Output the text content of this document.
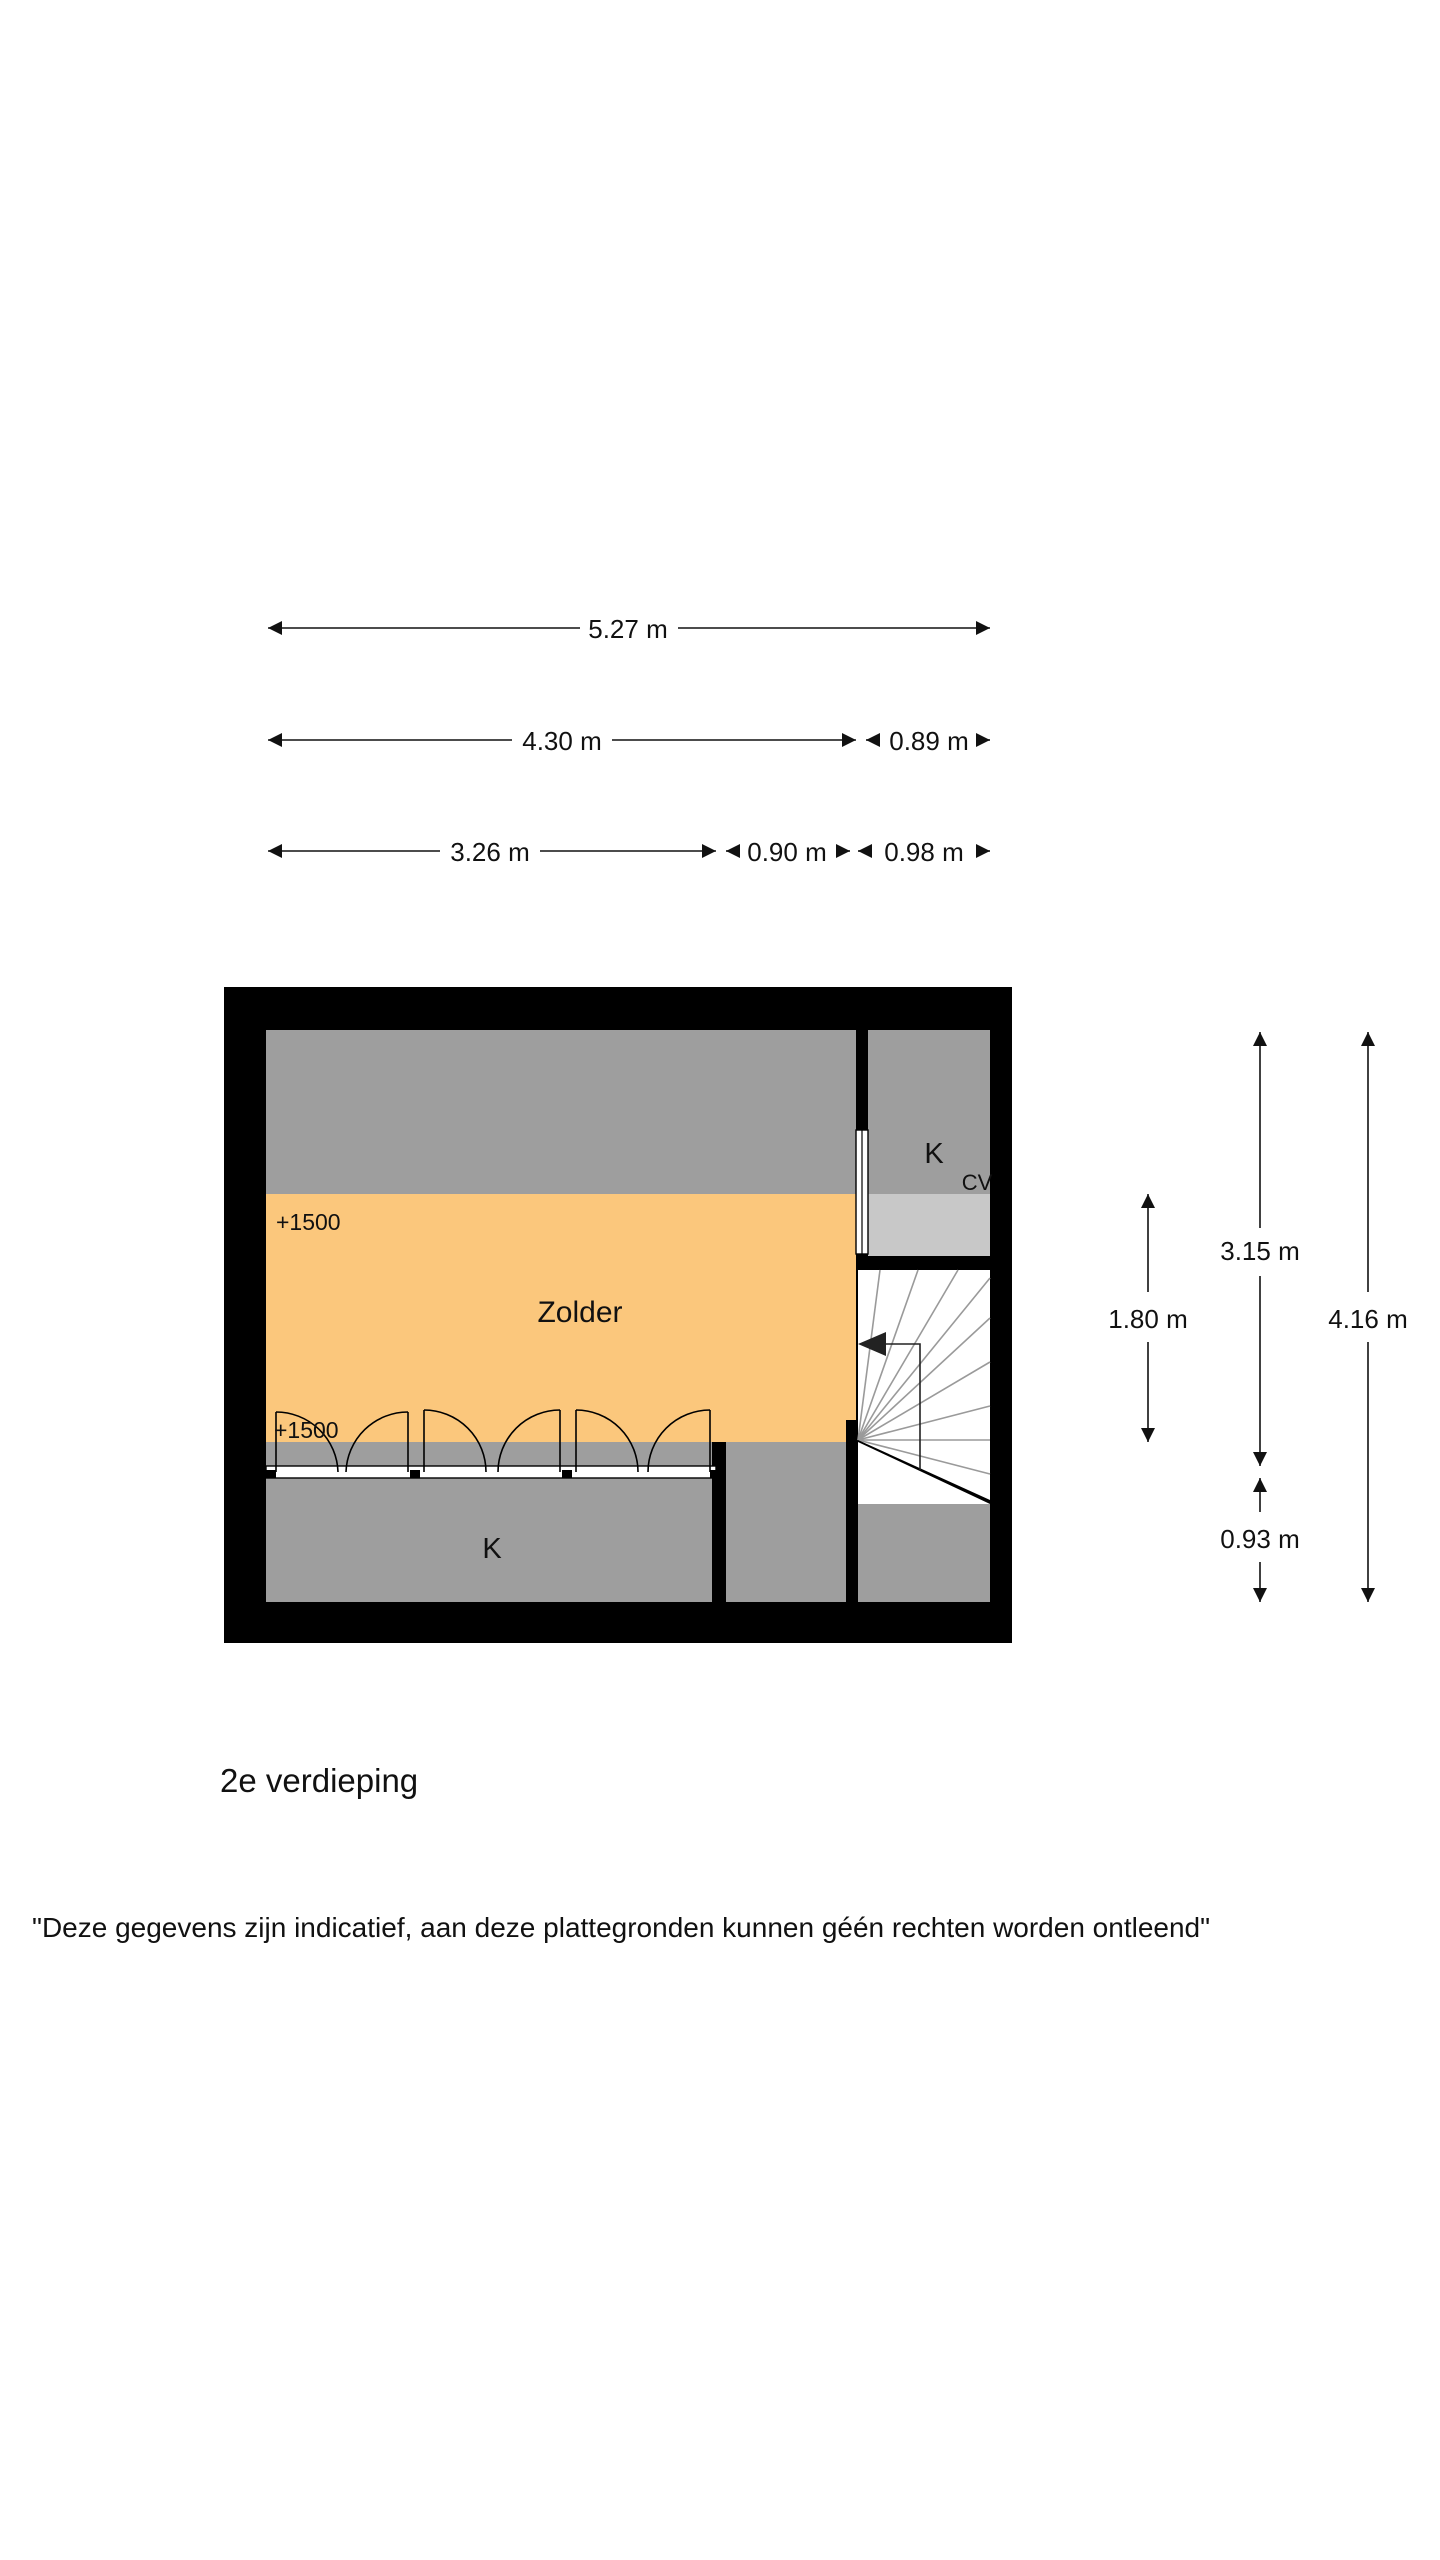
5.27 m
4.30 m	0.89 m
3.26 m	0.90 m 0.98 m
1.80 m
3.15 m
0.93 m
4.16 m
Zolder
K
CV
K
+1500
+1500
2e verdieping
"Deze gegevens zijn indicatief, aan deze plattegronden kunnen géén rechten worden ontleend"
